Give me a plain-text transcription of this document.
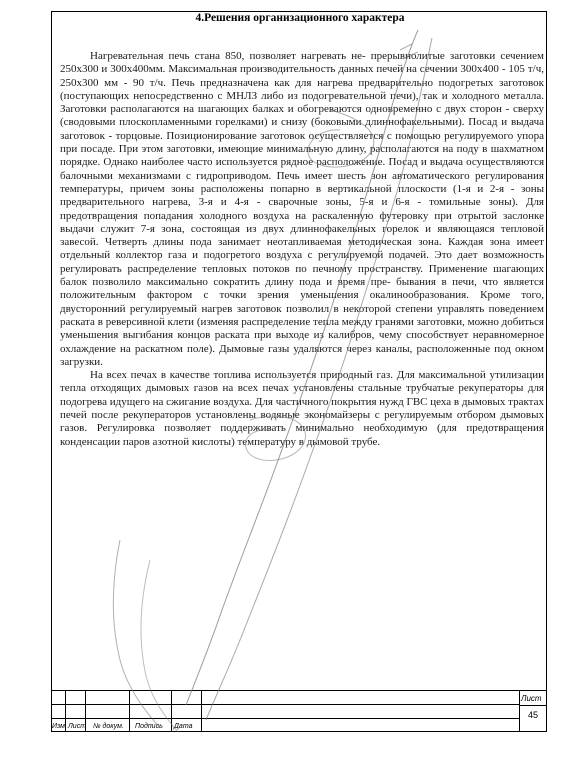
4.Решения организационного характера

Нагревательная печь стана 850, позволяет нагревать не- прерывнолитые заготовки сечением 250х300 и 300х400мм. Максимальная производительность данных печей на сечении 300х400 - 105 т/ч, 250х300 мм - 90 т/ч. Печь предназначена как для нагрева предварительно подогретых заготовок (поступающих непосредственно с МНЛЗ либо из подогревательной печи), так и холодного металла. Заготовки располагаются на шагающих балках и обогреваются одновременно с двух сторон - сверху (сводовыми плоскопламенными горелками) и снизу (боковыми длиннофакельными). Посад и выдача заготовок - торцовые. Позиционирование заготовок осуществляется с помощью регулируемого упора при посаде. При этом заготовки, имеющие минимальную длину, располагаются на поду в шахматном порядке. Однако наиболее часто используется рядное расположение. Посад и выдача осуществляются балочными механизмами с гидроприводом. Печь имеет шесть зон автоматического регулирования температуры, причем зоны расположены попарно в вертикальной плоскости (1-я и 2-я - зоны предварительного нагрева, 3-я и 4-я - сварочные зоны, 5-я и 6-я - томильные зоны). Для предотвращения попадания холодного воздуха на раскаленную футеровку при отрытой заслонке выдачи служит 7-я зона, состоящая из двух длиннофакельных горелок и являющаяся тепловой завесой. Четверть длины пода занимает неотапливаемая методическая зона. Каждая зона имеет отдельный коллектор газа и подогретого воздуха с регулируемой подачей. Это дает возможность регулировать распределение тепловых потоков по печному пространству. Применение шагающих балок позволило максимально сократить длину пода и время пре- бывания в печи, что является положительным фактором с точки зрения уменьшения окалинообразования. Кроме того, двусторонний регулируемый нагрев заготовок позволил в некоторой степени управлять поведением раската в реверсивной клети (изменяя распределение тепла между гранями заготовки, можно добиться уменьшения выгибания концов раската при выходе из калибров, чему способствует неравномерное охлаждение на раскатном поле). Дымовые газы удаляются через каналы, расположенные под окном загрузки.

На всех печах в качестве топлива используется природный газ. Для максимальной утилизации тепла отходящих дымовых газов на всех печах установлены стальные трубчатые рекуператоры для подогрева идущего на сжигание воздуха. Для частичного покрытия нужд ГВС цеха в дымовых трактах печей после рекуператоров установлены водяные экономайзеры с регулируемым отбором дымовых газов. Регулировка позволяет поддерживать минимально необходимую (для предотвращения конденсации паров азотной кислоты) температуру в дымовой трубе.

Изм Лист № докум. Подпись Дата
Лист
45
